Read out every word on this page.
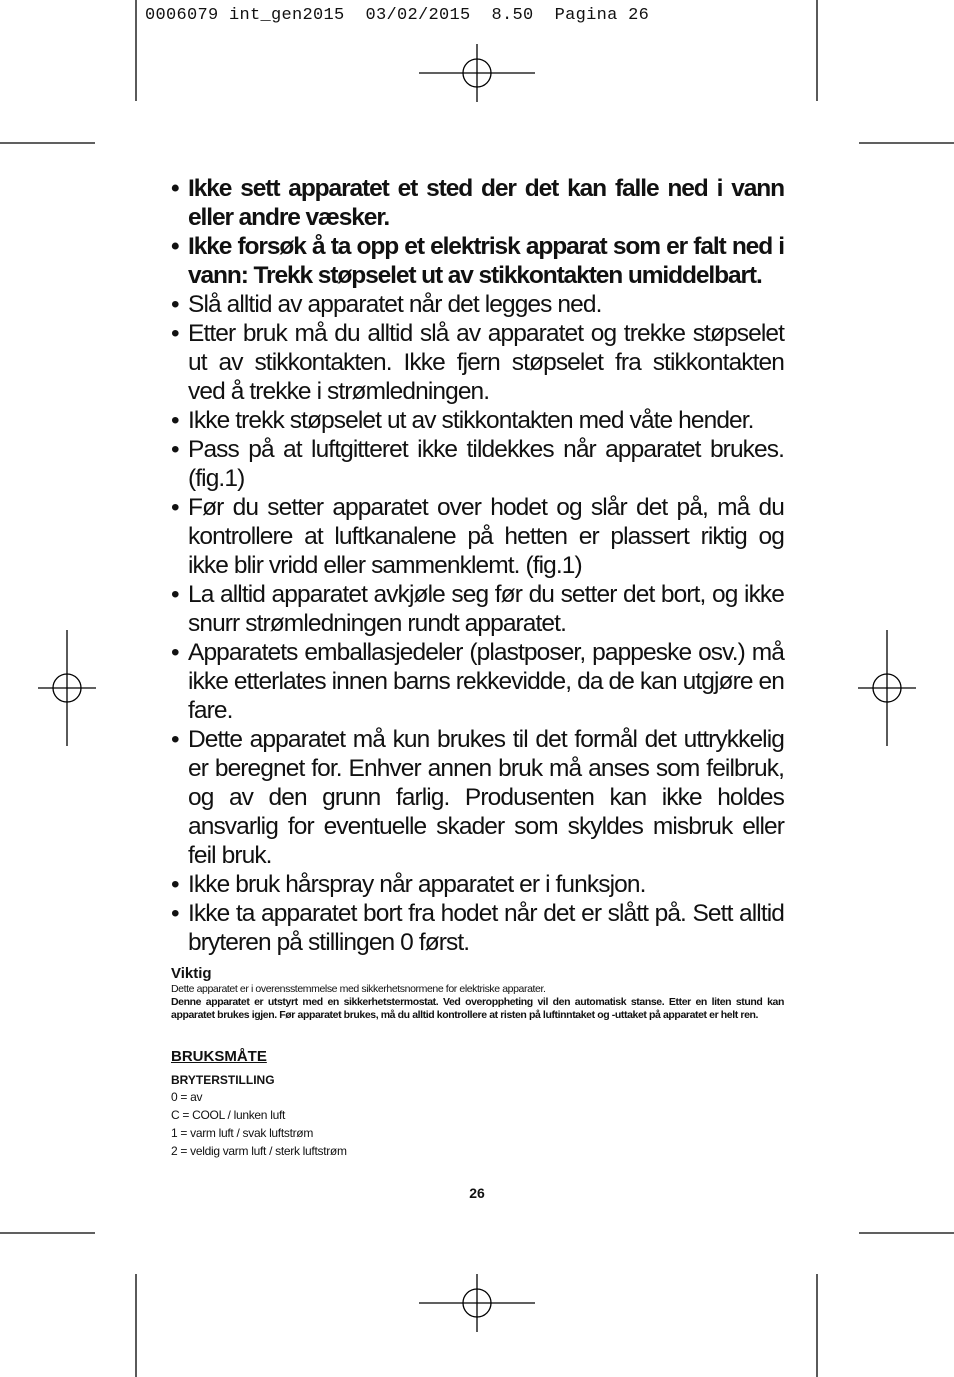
0006079 int_gen2015  03/02/2015  8.50  Pagina 26
• Ikke sett apparatet et sted der det kan falle ned i vann eller andre væsker.
• Ikke forsøk å ta opp et elektrisk apparat som er falt ned i vann: Trekk støpselet ut av stikkontakten umiddelbart.
• Slå alltid av apparatet når det legges ned.
• Etter bruk må du alltid slå av apparatet og trekke støpselet ut av stikkontakten. Ikke fjern støpselet fra stikkontakten ved å trekke i strømledningen.
• Ikke trekk støpselet ut av stikkontakten med våte hender.
• Pass på at luftgitteret ikke tildekkes når apparatet brukes. (fig.1)
• Før du setter apparatet over hodet og slår det på, må du kontrollere at luftkanalene på hetten er plassert riktig og ikke blir vridd eller sammenklemt. (fig.1)
• La alltid apparatet avkjøle seg før du setter det bort, og ikke snurr strømledningen rundt apparatet.
• Apparatets emballasjedeler (plastposer, pappeske osv.) må ikke etterlates innen barns rekkevidde, da de kan utgjøre en fare.
• Dette apparatet må kun brukes til det formål det uttrykkelig er beregnet for. Enhver annen bruk må anses som feilbruk, og av den grunn farlig. Produsenten kan ikke holdes ansvarlig for eventuelle skader som skyldes misbruk eller feil bruk.
• Ikke bruk hårspray når apparatet er i funksjon.
• Ikke ta apparatet bort fra hodet når det er slått på. Sett alltid bryteren på stillingen 0 først.
Viktig
Dette apparatet er i overensstemmelse med sikkerhetsnormene for elektriske apparater.
Denne apparatet er utstyrt med en sikkerhetstermostat. Ved overoppheting vil den automatisk stanse. Etter en liten stund kan apparatet brukes igjen. Før apparatet brukes, må du alltid kontrollere at risten på luftinntaket og -uttaket på apparatet er helt ren.
BRUKSMÅTE
BRYTERSTILLING
0 = av
C = COOL / lunken luft
1 = varm luft / svak luftstrøm
2 = veldig varm luft / sterk luftstrøm
26
